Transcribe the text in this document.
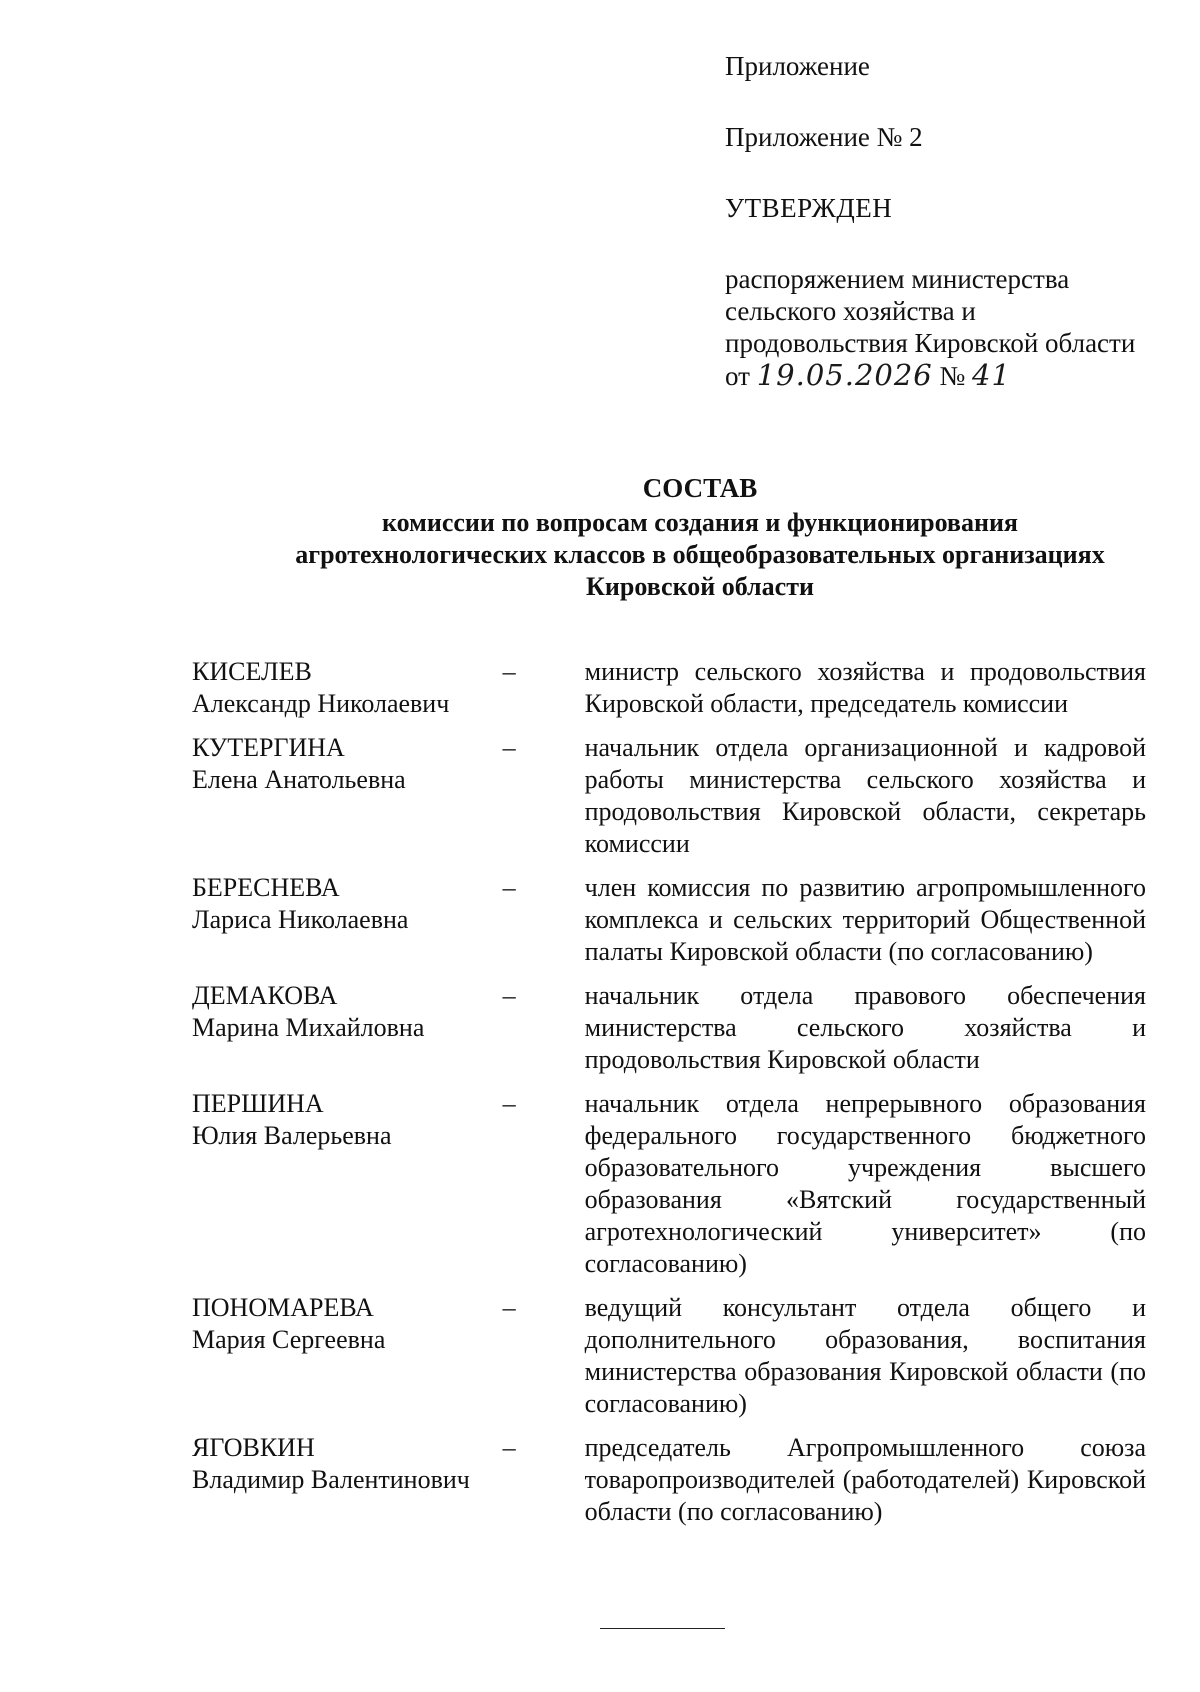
Приложение
Приложение № 2
УТВЕРЖДЕН
распоряжением министерства
сельского хозяйства и
продовольствия Кировской области
от 19.05.2026 № 41
СОСТАВ
комиссии по вопросам создания и функционирования
агротехнологических классов в общеобразовательных организациях
Кировской области
КИСЕЛЕВ
Александр Николаевич
–	министр сельского хозяйства и продовольствия Кировской области, председатель комиссии
КУТЕРГИНА
Елена Анатольевна
–	начальник отдела организационной и кадровой работы министерства сельского хозяйства и продовольствия Кировской области, секретарь комиссии
БЕРЕСНЕВА
Лариса Николаевна
–	член комиссия по развитию агропромышленного комплекса и сельских территорий Общественной палаты Кировской области (по согласованию)
ДЕМАКОВА
Марина Михайловна
–	начальник отдела правового обеспечения министерства сельского хозяйства и продовольствия Кировской области
ПЕРШИНА
Юлия Валерьевна
–	начальник отдела непрерывного образования федерального государственного бюджетного образовательного учреждения высшего образования «Вятский государственный агротехнологический университет» (по согласованию)
ПОНОМАРЕВА
Мария Сергеевна
–	ведущий консультант отдела общего и дополнительного образования, воспитания министерства образования Кировской области (по согласованию)
ЯГОВКИН
Владимир Валентинович
–	председатель Агропромышленного союза товаропроизводителей (работодателей) Кировской области (по согласованию)
